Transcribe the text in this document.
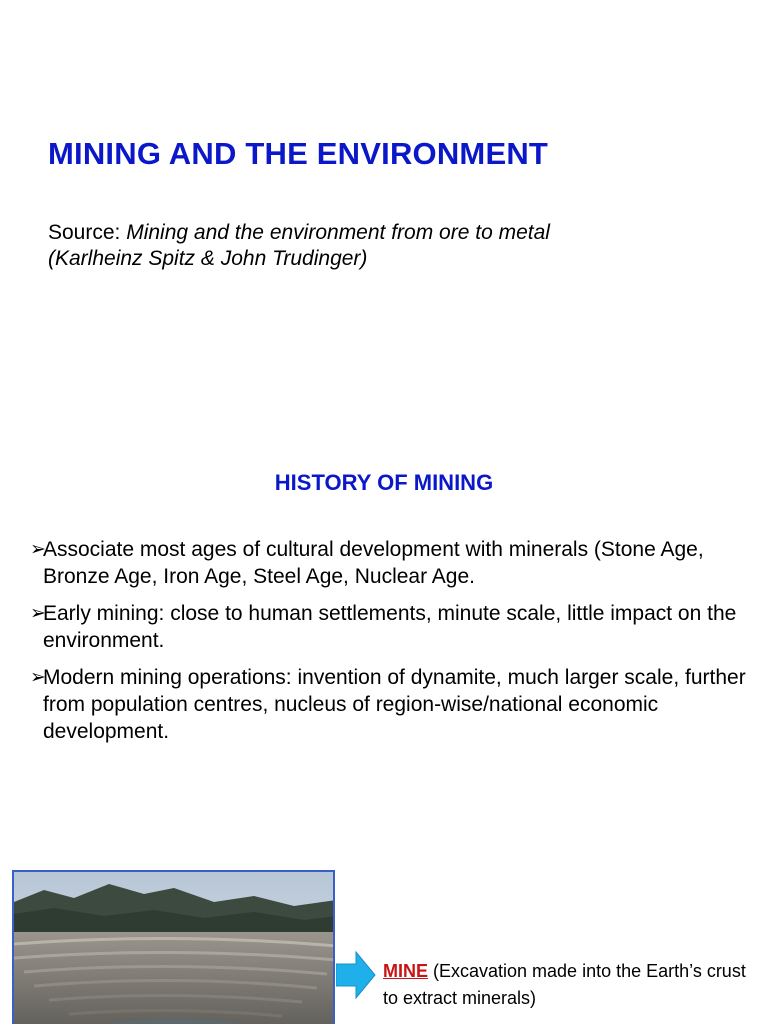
MINING AND THE ENVIRONMENT
Source: Mining and the environment from ore to metal
(Karlheinz Spitz & John Trudinger)
HISTORY OF MINING
➢
Associate most ages of cultural development with minerals (Stone Age, Bronze Age, Iron Age, Steel Age, Nuclear Age.
➢
Early mining: close to human settlements, minute scale, little impact on the environment.
➢
Modern mining operations: invention of dynamite, much larger scale, further from population centres, nucleus of region-wise/national economic development.
MINE (Excavation made into the Earth’s crust to extract minerals)
